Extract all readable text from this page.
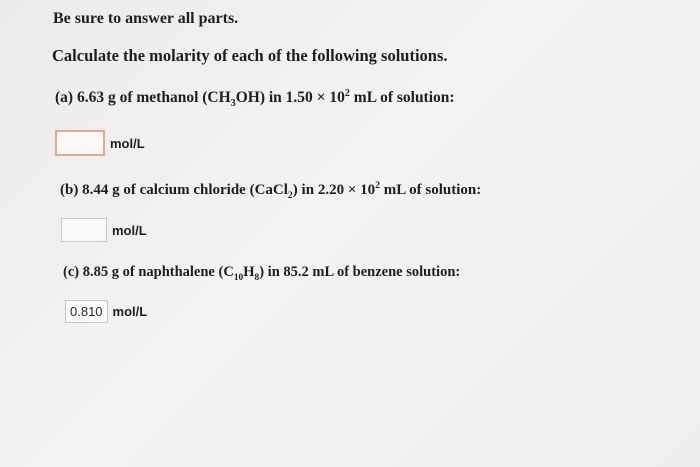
Be sure to answer all parts.
Calculate the molarity of each of the following solutions.
(a) 6.63 g of methanol $(CH_3OH)$ in $1.50 \times 10^2$ mL of solution:
mol/L
(b) 8.44 g of calcium chloride (CaCl$_2$) in $2.20 \times 10^2$ mL of solution:
mol/L
(c) 8.85 g of naphthalene $(C_{10}H_8)$ in 85.2 mL of benzene solution:
0.810 mol/L
